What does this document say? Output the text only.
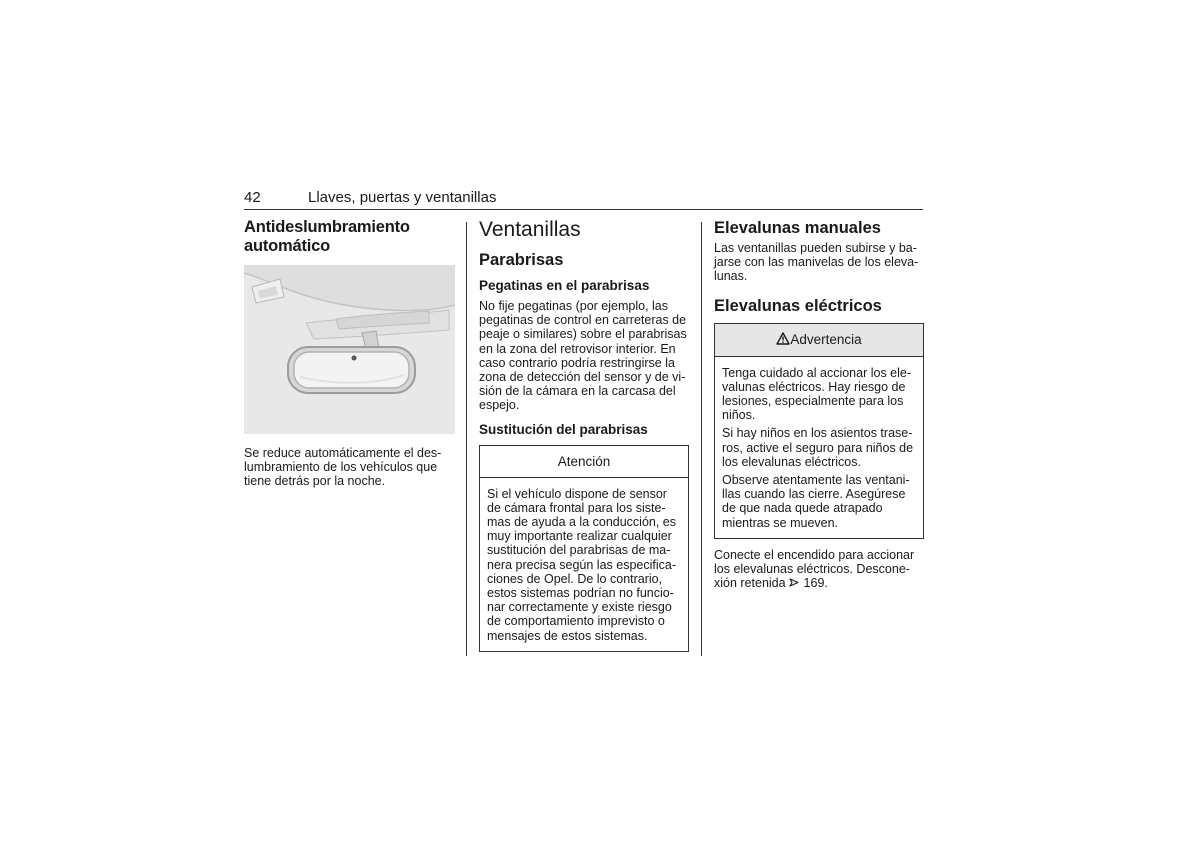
42	Llaves, puertas y ventanillas
Antideslumbramiento automático

Se reduce automáticamente el deslumbramiento de los vehículos que tiene detrás por la noche.

Ventanillas
Parabrisas
Pegatinas en el parabrisas

No fije pegatinas (por ejemplo, las pegatinas de control en carreteras de peaje o similares) sobre el parabrisas en la zona del retrovisor interior. En caso contrario podría restringirse la zona de detección del sensor y de visión de la cámara en la carcasa del espejo.

Sustitución del parabrisas
Atención

Si el vehículo dispone de sensor de cámara frontal para los sistemas de ayuda a la conducción, es muy importante realizar cualquier sustitución del parabrisas de manera precisa según las especificaciones de Opel. De lo contrario, estos sistemas podrían no funcionar correctamente y existe riesgo de comportamiento imprevisto o mensajes de estos sistemas.

Elevalunas manuales

Las ventanillas pueden subirse y bajarse con las manivelas de los elevalunas.

Elevalunas eléctricos
Advertencia

Tenga cuidado al accionar los elevalunas eléctricos. Hay riesgo de lesiones, especialmente para los niños.

Si hay niños en los asientos traseros, active el seguro para niños de los elevalunas eléctricos.

Observe atentamente las ventanillas cuando las cierre. Asegúrese de que nada quede atrapado mientras se mueven.

Conecte el encendido para accionar los elevalunas eléctricos. Desconexión retenida 169.
